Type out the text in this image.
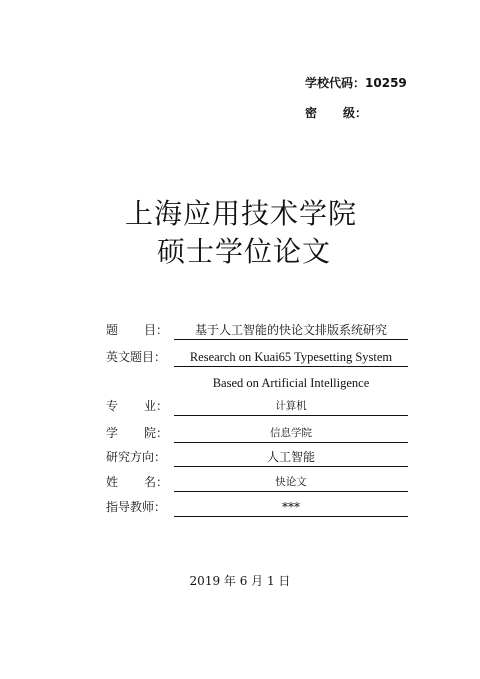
学校代码：10259
密 级：
上海应用技术学院
硕士学位论文
题 目：	基于人工智能的快论文排版系统研究
英文题目：	Research on Kuai65 Typesetting System
Based on Artificial Intelligence
专 业：	计算机
学 院：	信息学院
研究方向：	人工智能
姓 名：	快论文
指导教师：	***
2019 年 6 月 1 日
